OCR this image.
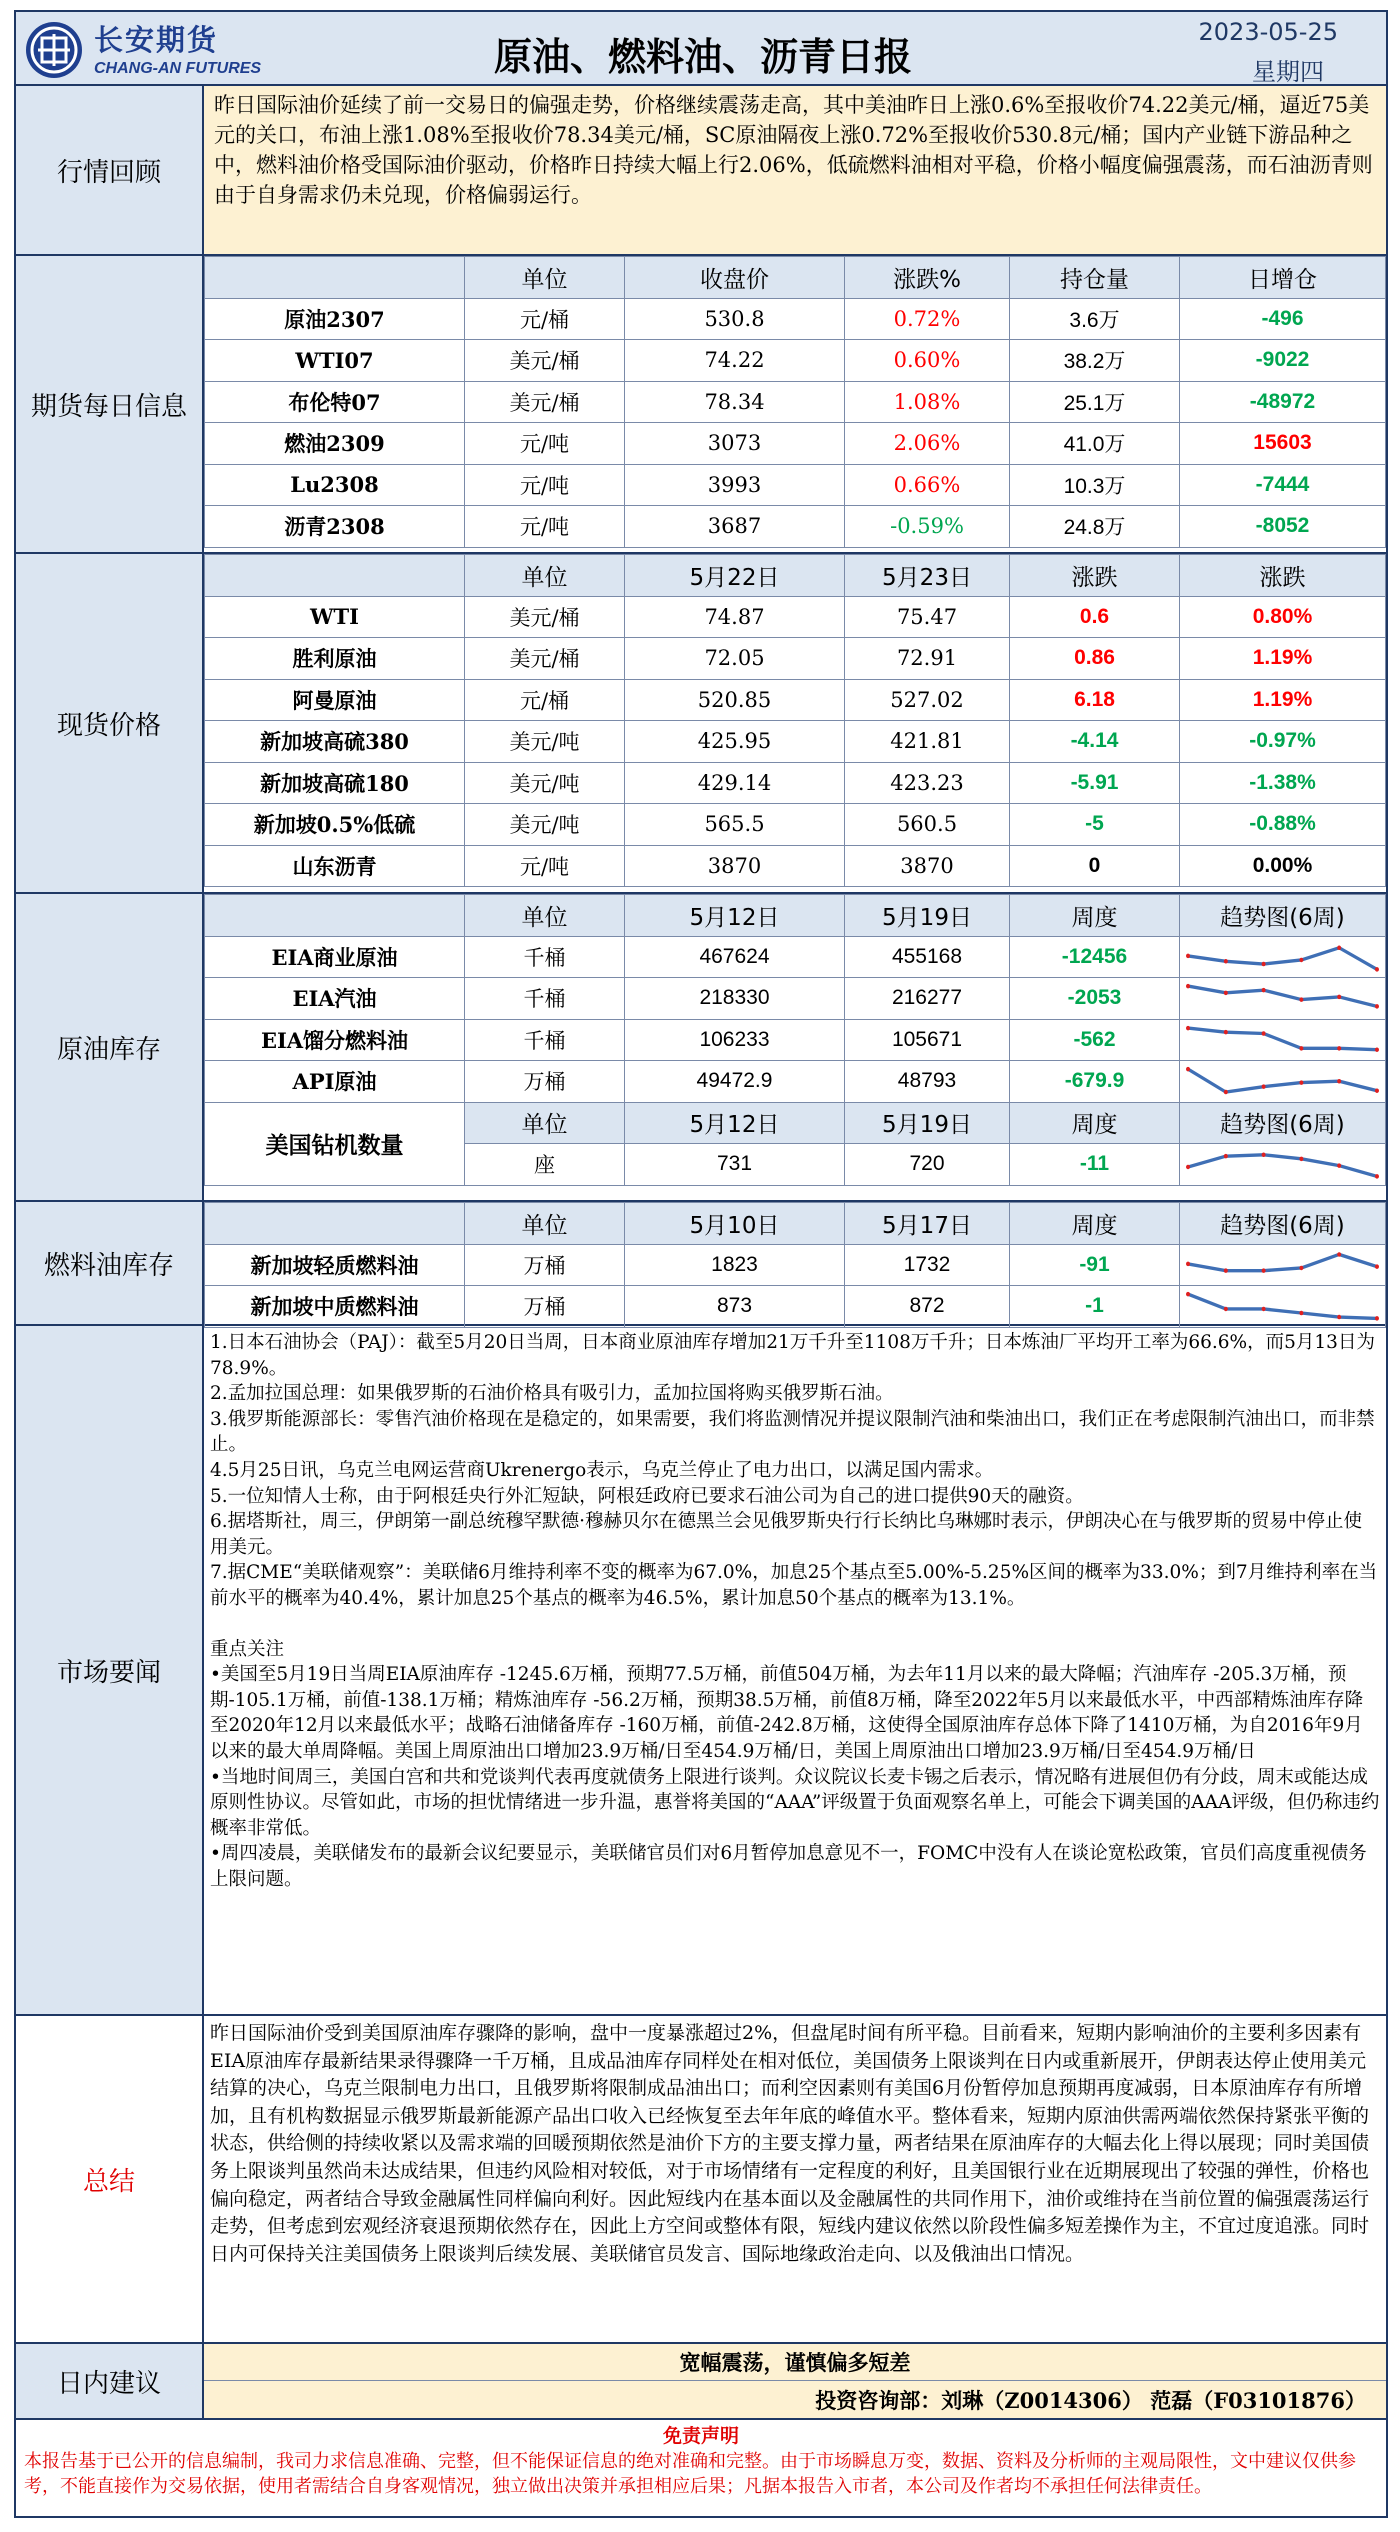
长安期货
CHANG-AN FUTURES	原油、燃料油、沥青日报
2023-05-25
星期四
行情回顾
昨日国际油价延续了前一交易日的偏强走势，价格继续震荡走高，其中美油昨日上涨0.6%至报收价74.22美元/桶，逼近75美元的关口，布油上涨1.08%至报收价78.34美元/桶，SC原油隔夜上涨0.72%至报收价530.8元/桶；国内产业链下游品种之中，燃料油价格受国际油价驱动，价格昨日持续大幅上行2.06%，低硫燃料油相对平稳，价格小幅度偏强震荡，而石油沥青则由于自身需求仍未兑现，价格偏弱运行。
期货每日信息
	单位	收盘价	涨跌%	持仓量	日增仓
原油2307	元/桶	530.8	0.72%	3.6万	-496
WTI07	美元/桶	74.22	0.60%	38.2万	-9022
布伦特07	美元/桶	78.34	1.08%	25.1万	-48972
燃油2309	元/吨	3073	2.06%	41.0万	15603
Lu2308	元/吨	3993	0.66%	10.3万	-7444
沥青2308	元/吨	3687	-0.59%	24.8万	-8052
现货价格
	单位	5月22日	5月23日	涨跌	涨跌
WTI	美元/桶	74.87	75.47	0.6	0.80%
胜利原油	美元/桶	72.05	72.91	0.86	1.19%
阿曼原油	元/桶	520.85	527.02	6.18	1.19%
新加坡高硫380	美元/吨	425.95	421.81	-4.14	-0.97%
新加坡高硫180	美元/吨	429.14	423.23	-5.91	-1.38%
新加坡0.5%低硫	美元/吨	565.5	560.5	-5	-0.88%
山东沥青	元/吨	3870	3870	0	0.00%
原油库存
	单位	5月12日	5月19日	周度	趋势图(6周)
EIA商业原油	千桶	467624	455168	-12456	

EIA汽油	千桶	218330	216277	-2053	

EIA馏分燃料油	千桶	106233	105671	-562	

API原油	万桶	49472.9	48793	-679.9	

美国钻机数量	单位	5月12日	5月19日	周度	趋势图(6周)
	座	731	720	-11	
燃料油库存
	单位	5月10日	5月17日	周度	趋势图(6周)
新加坡轻质燃料油	万桶	1823	1732	-91	

新加坡中质燃料油	万桶	873	872	-1	
市场要闻

1.日本石油协会（PAJ）：截至5月20日当周，日本商业原油库存增加21万千升至1108万千升；日本炼油厂平均开工率为66.6%，而5月13日为78.9%。

2.孟加拉国总理：如果俄罗斯的石油价格具有吸引力，孟加拉国将购买俄罗斯石油。

3.俄罗斯能源部长：零售汽油价格现在是稳定的，如果需要，我们将监测情况并提议限制汽油和柴油出口，我们正在考虑限制汽油出口，而非禁止。

4.5月25日讯，乌克兰电网运营商Ukrenergo表示，乌克兰停止了电力出口，以满足国内需求。

5.一位知情人士称，由于阿根廷央行外汇短缺，阿根廷政府已要求石油公司为自己的进口提供90天的融资。

6.据塔斯社，周三，伊朗第一副总统穆罕默德·穆赫贝尔在德黑兰会见俄罗斯央行行长纳比乌琳娜时表示，伊朗决心在与俄罗斯的贸易中停止使用美元。

7.据CME“美联储观察”：美联储6月维持利率不变的概率为67.0%，加息25个基点至5.00%-5.25%区间的概率为33.0%；到7月维持利率在当前水平的概率为40.4%，累计加息25个基点的概率为46.5%，累计加息50个基点的概率为13.1%。

重点关注

•美国至5月19日当周EIA原油库存 -1245.6万桶，预期77.5万桶，前值504万桶，为去年11月以来的最大降幅；汽油库存 -205.3万桶，预期-105.1万桶，前值-138.1万桶；精炼油库存 -56.2万桶，预期38.5万桶，前值8万桶，降至2022年5月以来最低水平，中西部精炼油库存降至2020年12月以来最低水平；战略石油储备库存 -160万桶，前值-242.8万桶，这使得全国原油库存总体下降了1410万桶，为自2016年9月以来的最大单周降幅。美国上周原油出口增加23.9万桶/日至454.9万桶/日，美国上周原油出口增加23.9万桶/日至454.9万桶/日

•当地时间周三，美国白宫和共和党谈判代表再度就债务上限进行谈判。众议院议长麦卡锡之后表示，情况略有进展但仍有分歧，周末或能达成原则性协议。尽管如此，市场的担忧情绪进一步升温，惠誉将美国的“AAA”评级置于负面观察名单上，可能会下调美国的AAA评级，但仍称违约概率非常低。

•周四凌晨，美联储发布的最新会议纪要显示，美联储官员们对6月暂停加息意见不一，FOMC中没有人在谈论宽松政策，官员们高度重视债务上限问题。

总结
昨日国际油价受到美国原油库存骤降的影响，盘中一度暴涨超过2%，但盘尾时间有所平稳。目前看来，短期内影响油价的主要利多因素有EIA原油库存最新结果录得骤降一千万桶，且成品油库存同样处在相对低位，美国债务上限谈判在日内或重新展开，伊朗表达停止使用美元结算的决心，乌克兰限制电力出口，且俄罗斯将限制成品油出口；而利空因素则有美国6月份暂停加息预期再度减弱，日本原油库存有所增加，且有机构数据显示俄罗斯最新能源产品出口收入已经恢复至去年年底的峰值水平。整体看来，短期内原油供需两端依然保持紧张平衡的状态，供给侧的持续收紧以及需求端的回暖预期依然是油价下方的主要支撑力量，两者结果在原油库存的大幅去化上得以展现；同时美国债务上限谈判虽然尚未达成结果，但违约风险相对较低，对于市场情绪有一定程度的利好，且美国银行业在近期展现出了较强的弹性，价格也偏向稳定，两者结合导致金融属性同样偏向利好。因此短线内在基本面以及金融属性的共同作用下，油价或维持在当前位置的偏强震荡运行走势，但考虑到宏观经济衰退预期依然存在，因此上方空间或整体有限，短线内建议依然以阶段性偏多短差操作为主，不宜过度追涨。同时日内可保持关注美国债务上限谈判后续发展、美联储官员发言、国际地缘政治走向、以及俄油出口情况。
日内建议
宽幅震荡，谨慎偏多短差
投资咨询部：刘琳（Z0014306） 范磊（F03101876）
免责声明
本报告基于已公开的信息编制，我司力求信息准确、完整，但不能保证信息的绝对准确和完整。由于市场瞬息万变，数据、资料及分析师的主观局限性，文中建议仅供参考，不能直接作为交易依据，使用者需结合自身客观情况，独立做出决策并承担相应后果；凡据本报告入市者，本公司及作者均不承担任何法律责任。
